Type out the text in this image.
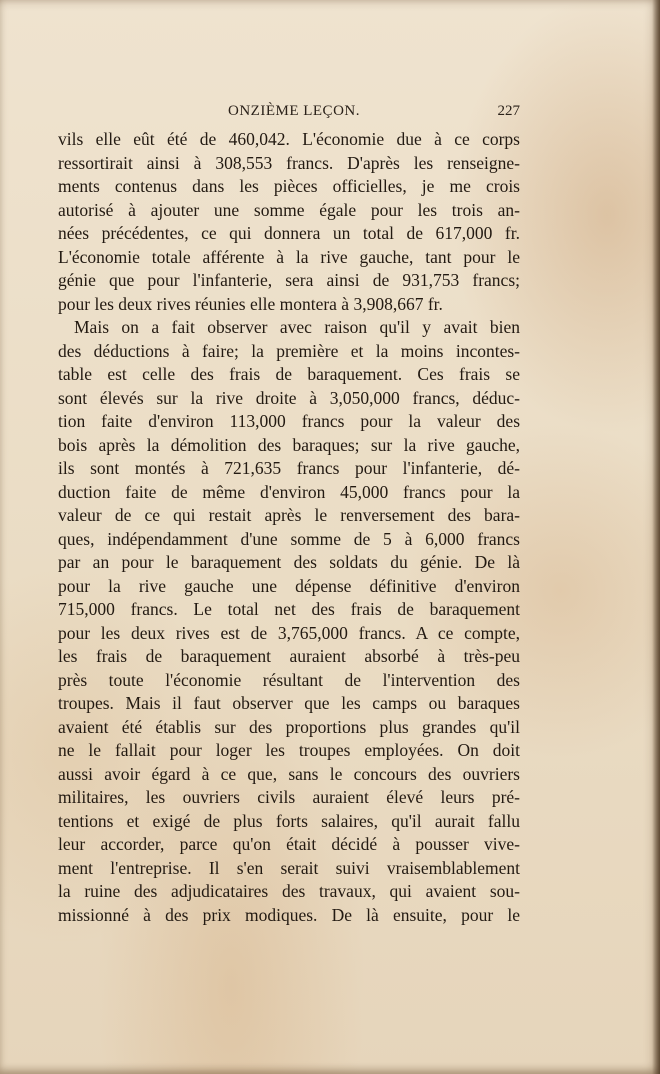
ONZIÈME LEÇON.	227
vils elle eût été de 460,042. L'économie due à ce corps
ressortirait ainsi à 308,553 francs. D'après les renseigne-
ments contenus dans les pièces officielles, je me crois
autorisé à ajouter une somme égale pour les trois an-
nées précédentes, ce qui donnera un total de 617,000 fr.
L'économie totale afférente à la rive gauche, tant pour le
génie que pour l'infanterie, sera ainsi de 931,753 francs;
pour les deux rives réunies elle montera à 3,908,667 fr.
Mais on a fait observer avec raison qu'il y avait bien
des déductions à faire; la première et la moins incontes-
table est celle des frais de baraquement. Ces frais se
sont élevés sur la rive droite à 3,050,000 francs, déduc-
tion faite d'environ 113,000 francs pour la valeur des
bois après la démolition des baraques; sur la rive gauche,
ils sont montés à 721,635 francs pour l'infanterie, dé-
duction faite de même d'environ 45,000 francs pour la
valeur de ce qui restait après le renversement des bara-
ques, indépendamment d'une somme de 5 à 6,000 francs
par an pour le baraquement des soldats du génie. De là
pour la rive gauche une dépense définitive d'environ
715,000 francs. Le total net des frais de baraquement
pour les deux rives est de 3,765,000 francs. A ce compte,
les frais de baraquement auraient absorbé à très-peu
près toute l'économie résultant de l'intervention des
troupes. Mais il faut observer que les camps ou baraques
avaient été établis sur des proportions plus grandes qu'il
ne le fallait pour loger les troupes employées. On doit
aussi avoir égard à ce que, sans le concours des ouvriers
militaires, les ouvriers civils auraient élevé leurs pré-
tentions et exigé de plus forts salaires, qu'il aurait fallu
leur accorder, parce qu'on était décidé à pousser vive-
ment l'entreprise. Il s'en serait suivi vraisemblablement
la ruine des adjudicataires des travaux, qui avaient sou-
missionné à des prix modiques. De là ensuite, pour le
